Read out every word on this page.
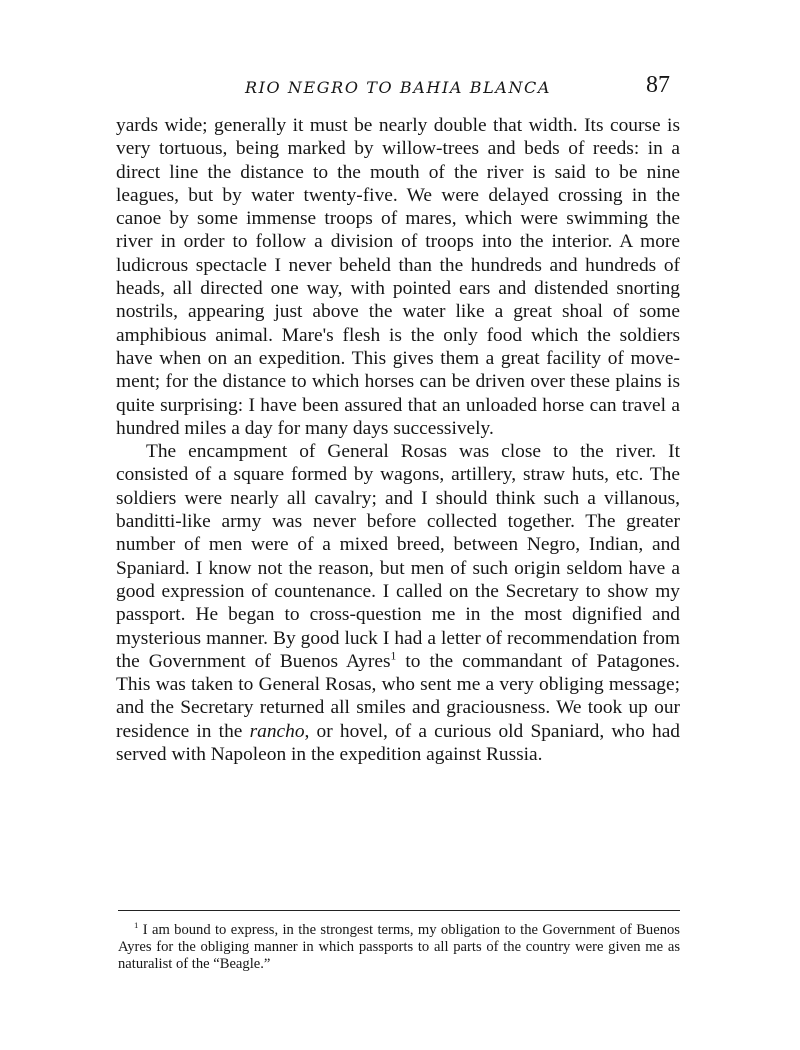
RIO NEGRO TO BAHIA BLANCA	87

yards wide; generally it must be nearly double that width. Its course is very tortuous, being marked by willow-trees and beds of reeds: in a direct line the distance to the mouth of the river is said to be nine leagues, but by water twenty-five. We were delayed crossing in the canoe by some immense troops of mares, which were swimming the river in order to follow a division of troops into the interior. A more ludicrous spectacle I never beheld than the hundreds and hundreds of heads, all directed one way, with pointed ears and distended snorting nostrils, appearing just above the water like a great shoal of some amphibious animal. Mare's flesh is the only food which the soldiers have when on an expedition. This gives them a great facility of movement; for the distance to which horses can be driven over these plains is quite surprising: I have been assured that an unloaded horse can travel a hundred miles a day for many days successively.

The encampment of General Rosas was close to the river. It consisted of a square formed by wagons, artillery, straw huts, etc. The soldiers were nearly all cavalry; and I should think such a villanous, banditti-like army was never before collected together. The greater number of men were of a mixed breed, between Negro, Indian, and Spaniard. I know not the reason, but men of such origin seldom have a good expression of countenance. I called on the Secretary to show my passport. He began to cross-question me in the most dignified and mysterious manner. By good luck I had a letter of recommendation from the Government of Buenos Ayres$^1$ to the commandant of Patagones. This was taken to General Rosas, who sent me a very obliging message; and the Secretary returned all smiles and graciousness. We took up our residence in the rancho, or hovel, of a curious old Spaniard, who had served with Napoleon in the expedition against Russia.

$^1$ I am bound to express, in the strongest terms, my obligation to the Government of Buenos Ayres for the obliging manner in which passports to all parts of the country were given me as naturalist of the “Beagle.”
